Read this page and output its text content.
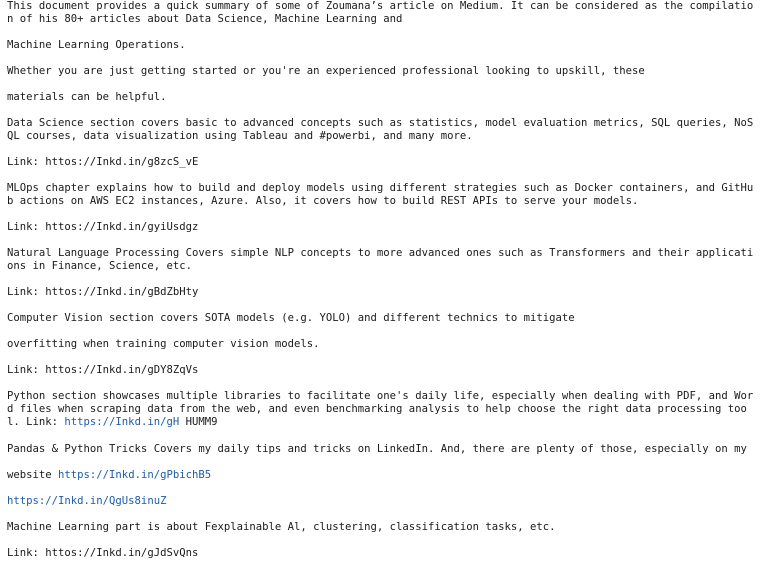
This document provides a quick summary of some of Zoumana’s article on Medium. It can be considered as the compilatio
n of his 80+ articles about Data Science, Machine Learning and
Machine Learning Operations.
Whether you are just getting started or you're an experienced professional looking to upskill, these
materials can be helpful.
Data Science section covers basic to advanced concepts such as statistics, model evaluation metrics, SQL queries, NoS
QL courses, data visualization using Tableau and #powerbi, and many more.
Link: httos://Inkd.in/g8zcS_vE
MLOps chapter explains how to build and deploy models using different strategies such as Docker containers, and GitHu
b actions on AWS EC2 instances, Azure. Also, it covers how to build REST APIs to serve your models.
Link: httos://Inkd.in/gyiUsdgz
Natural Language Processing Covers simple NLP concepts to more advanced ones such as Transformers and their applicati
ons in Finance, Science, etc.
Link: httos://Inkd.in/gBdZbHty
Computer Vision section covers SOTA models (e.g. YOLO) and different technics to mitigate
overfitting when training computer vision models.
Link: httos://Inkd.in/gDY8ZqVs
Python section showcases multiple libraries to facilitate one's daily life, especially when dealing with PDF, and Wor
d files when scraping data from the web, and even benchmarking analysis to help choose the right data processing too
l. Link: https://Inkd.in/gH HUMM9
Pandas & Python Tricks Covers my daily tips and tricks on LinkedIn. And, there are plenty of those, especially on my
website https://Inkd.in/gPbichB5
https://Inkd.in/QgUs8inuZ
Machine Learning part is about Fexplainable Al, clustering, classification tasks, etc.
Link: httos://Inkd.in/gJdSvQns
